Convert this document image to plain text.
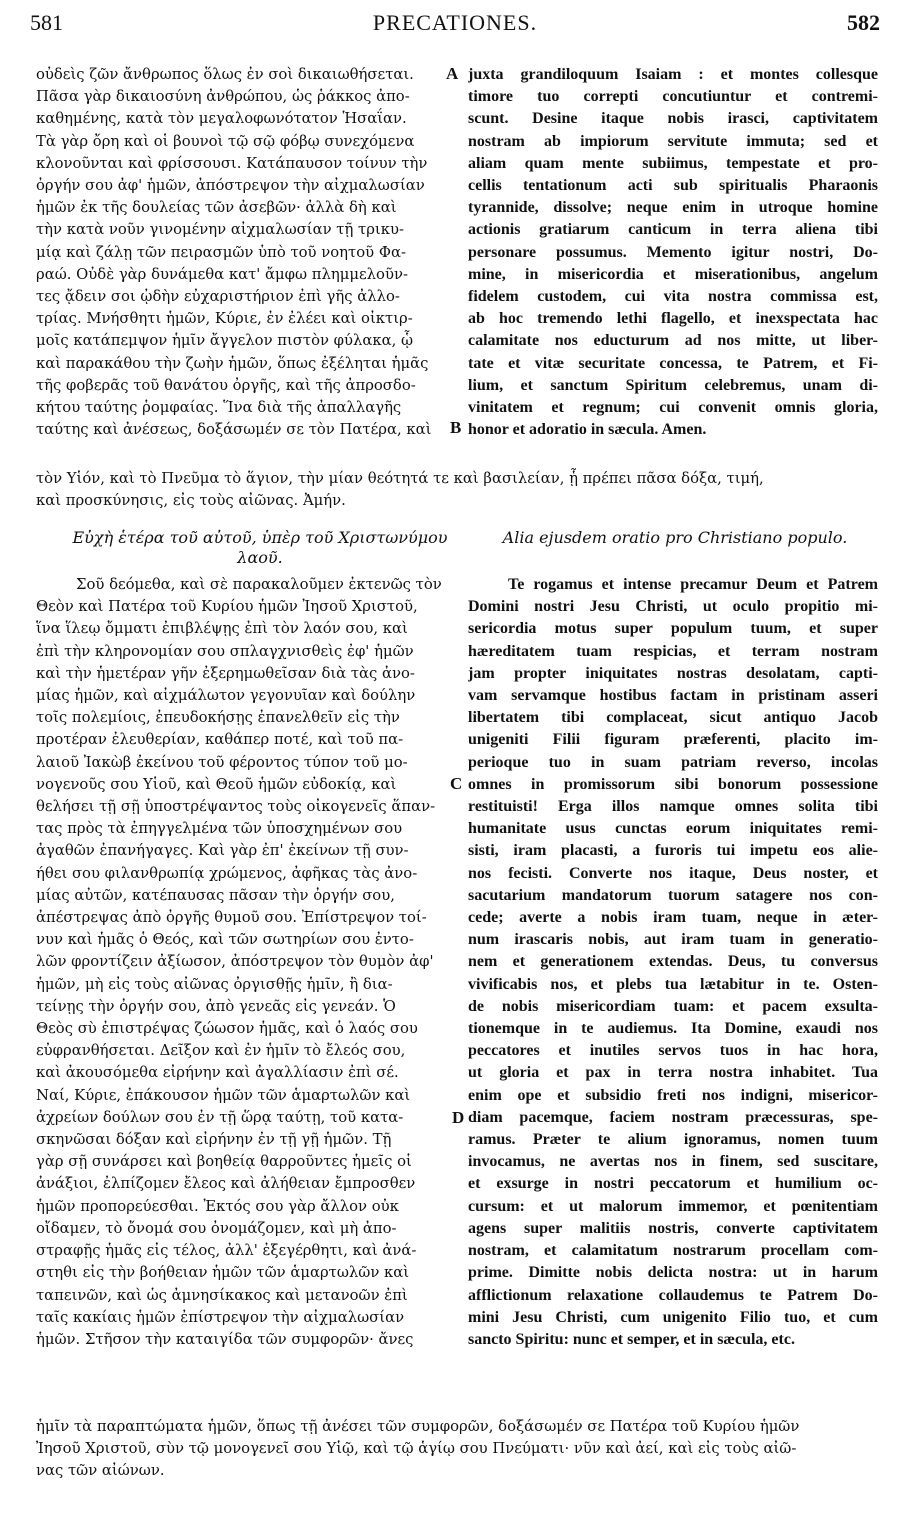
581	PRECATIONES.	582
οὐδεὶς ζῶν ἄνθρωπος ὅλως ἐν σοὶ δικαιωθήσεται.
Πᾶσα γὰρ δικαιοσύνη ἀνθρώπου, ὡς ῥάκκος ἀπο-
καθημένης, κατὰ τὸν μεγαλοφωνότατον Ἡσαΐαν.
Τὰ γὰρ ὄρη καὶ οἱ βουνοὶ τῷ σῷ φόβῳ συνεχόμενα
κλονοῦνται καὶ φρίσσουσι. Κατάπαυσον τοίνυν τὴν
ὀργήν σου ἀφ' ἡμῶν, ἀπόστρεψον τὴν αἰχμαλωσίαν
ἡμῶν ἐκ τῆς δουλείας τῶν ἀσεβῶν· ἀλλὰ δὴ καὶ
τὴν κατὰ νοῦν γινομένην αἰχμαλωσίαν τῇ τρικυ-
μίᾳ καὶ ζάλῃ τῶν πειρασμῶν ὑπὸ τοῦ νοητοῦ Φα-
ραώ. Οὐδὲ γὰρ δυνάμεθα κατ' ἄμφω πλημμελοῦν-
τες ᾄδειν σοι ᾠδὴν εὐχαριστήριον ἐπὶ γῆς ἀλλο-
τρίας. Μνήσθητι ἡμῶν, Κύριε, ἐν ἐλέει καὶ οἰκτιρ-
μοῖς κατάπεμψον ἡμῖν ἄγγελον πιστὸν φύλακα, ᾧ
καὶ παρακάθου τὴν ζωὴν ἡμῶν, ὅπως ἐξέληται ἡμᾶς
τῆς φοβερᾶς τοῦ θανάτου ὀργῆς, καὶ τῆς ἀπροσδο-
κήτου ταύτης ῥομφαίας. Ἵνα διὰ τῆς ἀπαλλαγῆς
ταύτης καὶ ἀνέσεως, δοξάσωμέν σε τὸν Πατέρα, καὶ
juxta grandiloquum Isaiam : et montes collesque
timore tuo correpti concutiuntur et contremi-
scunt. Desine itaque nobis irasci, captivitatem
nostram ab impiorum servitute immuta; sed et
aliam quam mente subiimus, tempestate et pro-
cellis tentationum acti sub spiritualis Pharaonis
tyrannide, dissolve; neque enim in utroque homine
actionis gratiarum canticum in terra aliena tibi
personare possumus. Memento igitur nostri, Do-
mine, in misericordia et miserationibus, angelum
fidelem custodem, cui vita nostra commissa est,
ab hoc tremendo lethi flagello, et inexspectata hac
calamitate nos educturum ad nos mitte, ut liber-
tate et vitæ securitate concessa, te Patrem, et Fi-
lium, et sanctum Spiritum celebremus, unam di-
vinitatem et regnum; cui convenit omnis gloria,
honor et adoratio in sæcula. Amen.
A
B
C
D
τὸν Υἱόν, καὶ τὸ Πνεῦμα τὸ ἅγιον, τὴν μίαν θεότητά τε καὶ βασιλείαν, ᾗ πρέπει πᾶσα δόξα, τιμή,
καὶ προσκύνησις, εἰς τοὺς αἰῶνας. Ἀμήν.
Εὐχὴ ἑτέρα τοῦ αὐτοῦ, ὑπὲρ τοῦ Χριστωνύμου
λαοῦ.
Alia ejusdem oratio pro Christiano populo.
Σοῦ δεόμεθα, καὶ σὲ παρακαλοῦμεν ἐκτενῶς τὸν
Θεὸν καὶ Πατέρα τοῦ Κυρίου ἡμῶν Ἰησοῦ Χριστοῦ,
ἵνα ἵλεῳ ὄμματι ἐπιβλέψῃς ἐπὶ τὸν λαόν σου, καὶ
ἐπὶ τὴν κληρονομίαν σου σπλαγχνισθεὶς ἐφ' ἡμῶν
καὶ τὴν ἡμετέραν γῆν ἐξερημωθεῖσαν διὰ τὰς ἀνο-
μίας ἡμῶν, καὶ αἰχμάλωτον γεγονυῖαν καὶ δούλην
τοῖς πολεμίοις, ἐπευδοκήσῃς ἐπανελθεῖν εἰς τὴν
προτέραν ἐλευθερίαν, καθάπερ ποτέ, καὶ τοῦ πα-
λαιοῦ Ἰακὼβ ἐκείνου τοῦ φέροντος τύπον τοῦ μο-
νογενοῦς σου Υἱοῦ, καὶ Θεοῦ ἡμῶν εὐδοκίᾳ, καὶ
θελήσει τῇ σῇ ὑποστρέψαντος τοὺς οἰκογενεῖς ἅπαν-
τας πρὸς τὰ ἐπηγγελμένα τῶν ὑποσχημένων σου
ἀγαθῶν ἐπανήγαγες. Καὶ γὰρ ἐπ' ἐκείνων τῇ συν-
ήθει σου φιλανθρωπίᾳ χρώμενος, ἀφῆκας τὰς ἀνο-
μίας αὐτῶν, κατέπαυσας πᾶσαν τὴν ὀργήν σου,
ἀπέστρεψας ἀπὸ ὀργῆς θυμοῦ σου. Ἐπίστρεψον τοί-
νυν καὶ ἡμᾶς ὁ Θεός, καὶ τῶν σωτηρίων σου ἐντο-
λῶν φροντίζειν ἀξίωσον, ἀπόστρεψον τὸν θυμὸν ἀφ'
ἡμῶν, μὴ εἰς τοὺς αἰῶνας ὀργισθῇς ἡμῖν, ἢ δια-
τείνῃς τὴν ὀργήν σου, ἀπὸ γενεᾶς εἰς γενεάν. Ὁ
Θεὸς σὺ ἐπιστρέψας ζώωσον ἡμᾶς, καὶ ὁ λαός σου
εὐφρανθήσεται. Δεῖξον καὶ ἐν ἡμῖν τὸ ἔλεός σου,
καὶ ἀκουσόμεθα εἰρήνην καὶ ἀγαλλίασιν ἐπὶ σέ.
Ναί, Κύριε, ἐπάκουσον ἡμῶν τῶν ἁμαρτωλῶν καὶ
ἀχρείων δούλων σου ἐν τῇ ὥρᾳ ταύτῃ, τοῦ κατα-
σκηνῶσαι δόξαν καὶ εἰρήνην ἐν τῇ γῇ ἡμῶν. Τῇ
γὰρ σῇ συνάρσει καὶ βοηθείᾳ θαρροῦντες ἡμεῖς οἱ
ἀνάξιοι, ἐλπίζομεν ἔλεος καὶ ἀλήθειαν ἔμπροσθεν
ἡμῶν προπορεύεσθαι. Ἐκτός σου γὰρ ἄλλον οὐκ
οἴδαμεν, τὸ ὄνομά σου ὀνομάζομεν, καὶ μὴ ἀπο-
στραφῇς ἡμᾶς εἰς τέλος, ἀλλ' ἐξεγέρθητι, καὶ ἀνά-
στηθι εἰς τὴν βοήθειαν ἡμῶν τῶν ἁμαρτωλῶν καὶ
ταπεινῶν, καὶ ὡς ἀμνησίκακος καὶ μετανοῶν ἐπὶ
ταῖς κακίαις ἡμῶν ἐπίστρεψον τὴν αἰχμαλωσίαν
ἡμῶν. Στῆσον τὴν καταιγίδα τῶν συμφορῶν· ἄνες
Te rogamus et intense precamur Deum et Patrem
Domini nostri Jesu Christi, ut oculo propitio mi-
sericordia motus super populum tuum, et super
hæreditatem tuam respicias, et terram nostram
jam propter iniquitates nostras desolatam, capti-
vam servamque hostibus factam in pristinam asseri
libertatem tibi complaceat, sicut antiquo Jacob
unigeniti Filii figuram præferenti, placito im-
perioque tuo in suam patriam reverso, incolas
omnes in promissorum sibi bonorum possessione
restituisti! Erga illos namque omnes solita tibi
humanitate usus cunctas eorum iniquitates remi-
sisti, iram placasti, a furoris tui impetu eos alie-
nos fecisti. Converte nos itaque, Deus noster, et
sacutarium mandatorum tuorum satagere nos con-
cede; averte a nobis iram tuam, neque in æter-
num irascaris nobis, aut iram tuam in generatio-
nem et generationem extendas. Deus, tu conversus
vivificabis nos, et plebs tua lætabitur in te. Osten-
de nobis misericordiam tuam: et pacem exsulta-
tionemque in te audiemus. Ita Domine, exaudi nos
peccatores et inutiles servos tuos in hac hora,
ut gloria et pax in terra nostra inhabitet. Tua
enim ope et subsidio freti nos indigni, misericor-
diam pacemque, faciem nostram præcessuras, spe-
ramus. Præter te alium ignoramus, nomen tuum
invocamus, ne avertas nos in finem, sed suscitare,
et exsurge in nostri peccatorum et humilium oc-
cursum: et ut malorum immemor, et pœnitentiam
agens super malitiis nostris, converte captivitatem
nostram, et calamitatum nostrarum procellam com-
prime. Dimitte nobis delicta nostra: ut in harum
afflictionum relaxatione collaudemus te Patrem Do-
mini Jesu Christi, cum unigenito Filio tuo, et cum
sancto Spiritu: nunc et semper, et in sæcula, etc.
ἡμῖν τὰ παραπτώματα ἡμῶν, ὅπως τῇ ἀνέσει τῶν συμφορῶν, δοξάσωμέν σε Πατέρα τοῦ Κυρίου ἡμῶν
Ἰησοῦ Χριστοῦ, σὺν τῷ μονογενεῖ σου Υἱῷ, καὶ τῷ ἁγίῳ σου Πνεύματι· νῦν καὶ ἀεί, καὶ εἰς τοὺς αἰῶ-
νας τῶν αἰώνων.
